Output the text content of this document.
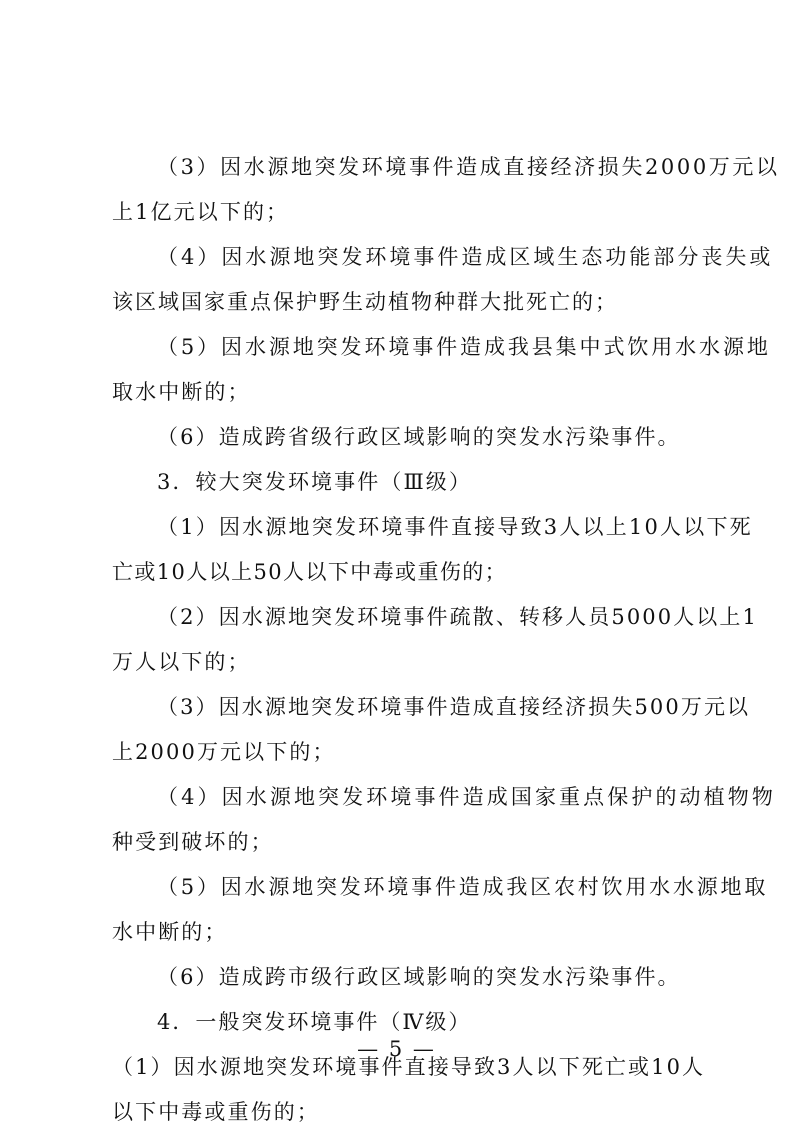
（3）因水源地突发环境事件造成直接经济损失2000万元以
上1亿元以下的；
（4）因水源地突发环境事件造成区域生态功能部分丧失或
该区域国家重点保护野生动植物种群大批死亡的；
（5）因水源地突发环境事件造成我县集中式饮用水水源地
取水中断的；
（6）造成跨省级行政区域影响的突发水污染事件。
3．较大突发环境事件（Ⅲ级）
（1）因水源地突发环境事件直接导致3人以上10人以下死
亡或10人以上50人以下中毒或重伤的；
（2）因水源地突发环境事件疏散、转移人员5000人以上1
万人以下的；
（3）因水源地突发环境事件造成直接经济损失500万元以
上2000万元以下的；
（4）因水源地突发环境事件造成国家重点保护的动植物物
种受到破坏的；
（5）因水源地突发环境事件造成我区农村饮用水水源地取
水中断的；
（6）造成跨市级行政区域影响的突发水污染事件。
4．一般突发环境事件（Ⅳ级）
（1）因水源地突发环境事件直接导致3人以下死亡或10人
以下中毒或重伤的；
— 5 —
